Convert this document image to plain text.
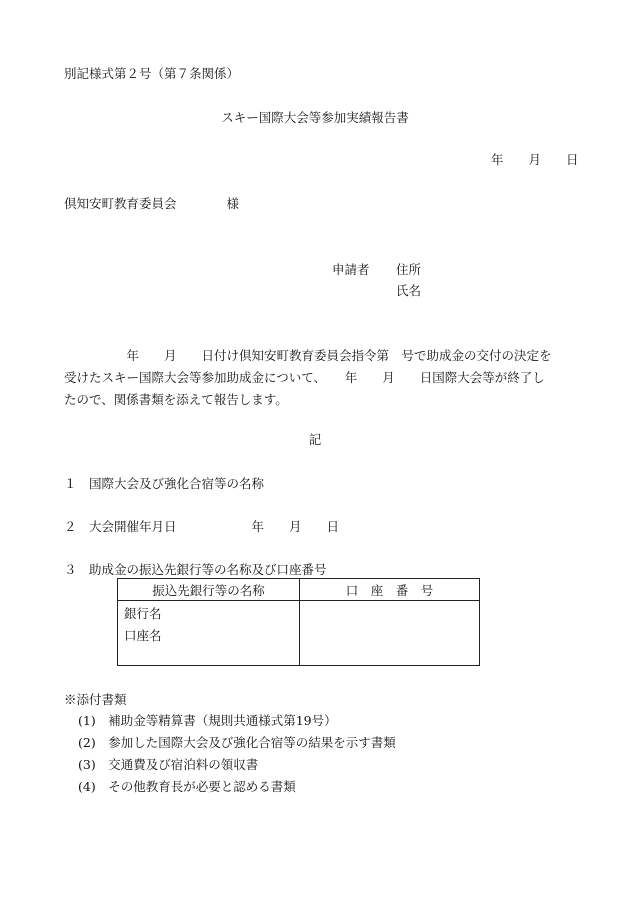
別記様式第２号（第７条関係）
スキー国際大会等参加実績報告書
年　　月　　日
倶知安町教育委員会　　　　様
申請者 住所
氏名
　　　　　年　　月　　日付け倶知安町教育委員会指令第　号で助成金の交付の決定を
受けたスキー国際大会等参加助成金について、　　年　　月　　日国際大会等が終了し
たので、関係書類を添えて報告します。
記
１　国際大会及び強化合宿等の名称
２　大会開催年月日　　　　　　年　　月　　日
３　助成金の振込先銀行等の名称及び口座番号
振込先銀行等の名称	口　座　番　号
銀行名
口座名
※添付書類
(1)　補助金等精算書（規則共通様式第19号）
(2)　参加した国際大会及び強化合宿等の結果を示す書類
(3)　交通費及び宿泊料の領収書
(4)　その他教育長が必要と認める書類
